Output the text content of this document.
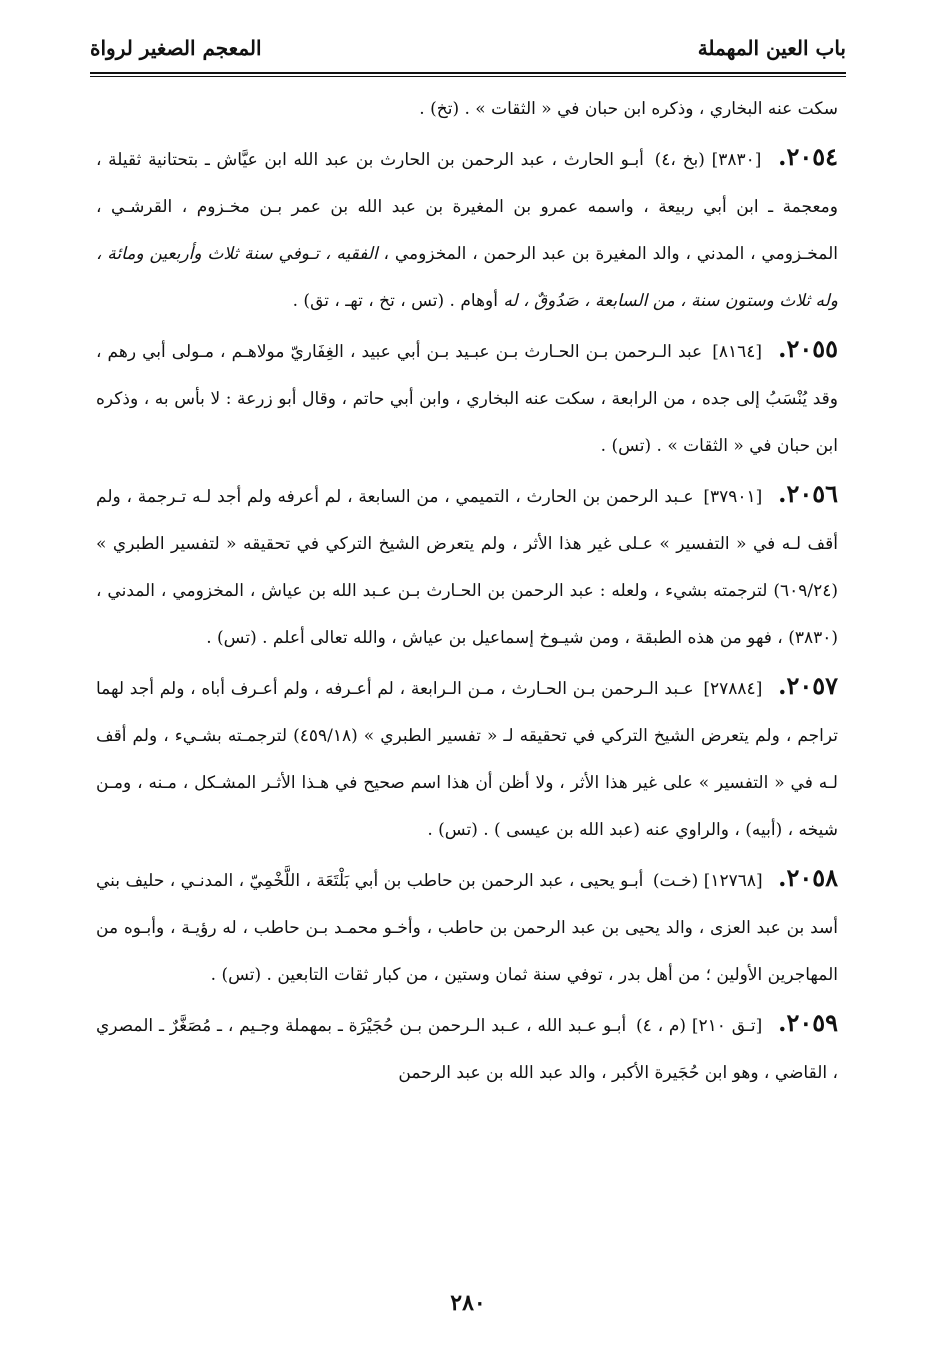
باب العين المهملة
المعجم الصغير لرواة

سكت عنه البخاري ، وذكره ابن حبان في « الثقات » . (تخ) .

٢٠٥٤. [٣٨٣٠] (بخ ،٤) أبـو الحارث ، عبد الرحمن بن الحارث بن عبد الله ابن عيَّاش ـ بتحتانية ثقيلة ، ومعجمة ـ ابن أبي ربيعة ، واسمه عمرو بن المغيرة بن عبد الله بن عمر بـن مخـزوم ، القرشـي ، المخـزومي ، المدني ، والد المغيرة بن عبد الرحمن ، المخزومي ، الفقيه ، تـوفي سنة ثلاث وأربعين ومائة ، وله ثلاث وستون سنة ، من السابعة ، صَدُوقٌ ، له أوهام . (تس ، تخ ، تهـ ، تق) .

٢٠٥٥. [٨١٦٤] عبد الـرحمن بـن الحـارث بـن عبـيد بـن أبي عبيد ، الغِفَاريّ مولاهـم ، مـولى أبي رهم ، وقد يُنْسَبُ إلى جده ، من الرابعة ، سكت عنه البخاري ، وابن أبي حاتم ، وقال أبو زرعة : لا بأس به ، وذكره ابن حبان في « الثقات » . (تس) .

٢٠٥٦. [٣٧٩٠١] عـبد الرحمن بن الحارث ، التميمي ، من السابعة ، لم أعرفه ولم أجد لـه تـرجمة ، ولم أقف لـه في « التفسير » عـلى غير هذا الأثر ، ولم يتعرض الشيخ التركي في تحقيقه « لتفسير الطبري » (٦٠٩/٢٤) لترجمته بشيء ، ولعله : عبد الرحمن بن الحـارث بـن عـبد الله بن عياش ، المخزومي ، المدني ، (٣٨٣٠) ، فهو من هذه الطبقة ، ومن شيـوخ إسماعيل بن عياش ، والله تعالى أعلم . (تس) .

٢٠٥٧. [٢٧٨٨٤] عـبد الـرحمن بـن الحـارث ، مـن الـرابعة ، لم أعـرفه ، ولم أعـرف أباه ، ولم أجد لهما تراجم ، ولم يتعرض الشيخ التركي في تحقيقه لـ « تفسير الطبري » (٤٥٩/١٨) لترجمـته بشـيء ، ولم أقف لـه في « التفسير » على غير هذا الأثر ، ولا أظن أن هذا اسم صحيح في هـذا الأثـر المشـكل ، مـنه ، ومـن شيخه ، (أبيه) ، والراوي عنه (عبد الله بن عيسى ) . (تس) .

٢٠٥٨. [١٢٧٦٨] (خـت) أبـو يحيى ، عبد الرحمن بن حاطب بن أبي بَلْتَعَة ، اللَّخْمِيّ ، المدنـي ، حليف بني أسد بن عبد العزى ، والد يحيى بن عبد الرحمن بن حاطب ، وأخـو محمـد بـن حاطب ، له رؤيـة ، وأبـوه من المهاجرين الأولين ؛ من أهل بدر ، توفي سنة ثمان وستين ، من كبار ثقات التابعين . (تس) .

٢٠٥٩. [تـق ٢١٠] (م ، ٤) أبـو عـبد الله ، عـبد الـرحمن بـن حُجَيْرَة ـ بمهملة وجـيم ، ـ مُصَغَّرٌ ـ المصري ، القاضي ، وهو ابن حُجَيرة الأكبر ، والد عبد الله بن عبد الرحمن

٢٨٠
